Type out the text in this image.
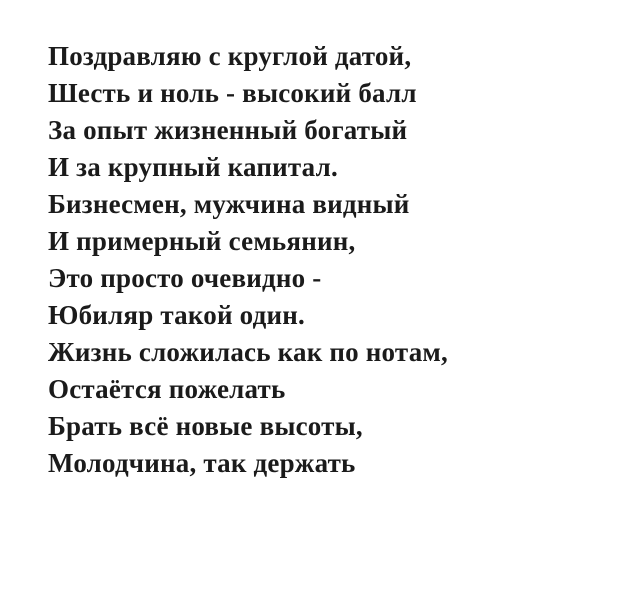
Поздравляю с круглой датой,
Шесть и ноль - высокий балл
За опыт жизненный богатый
И за крупный капитал.
Бизнесмен, мужчина видный
И примерный семьянин,
Это просто очевидно -
Юбиляр такой один.
Жизнь сложилась как по нотам,
Остаётся пожелать
Брать всё новые высоты,
Молодчина, так держать
